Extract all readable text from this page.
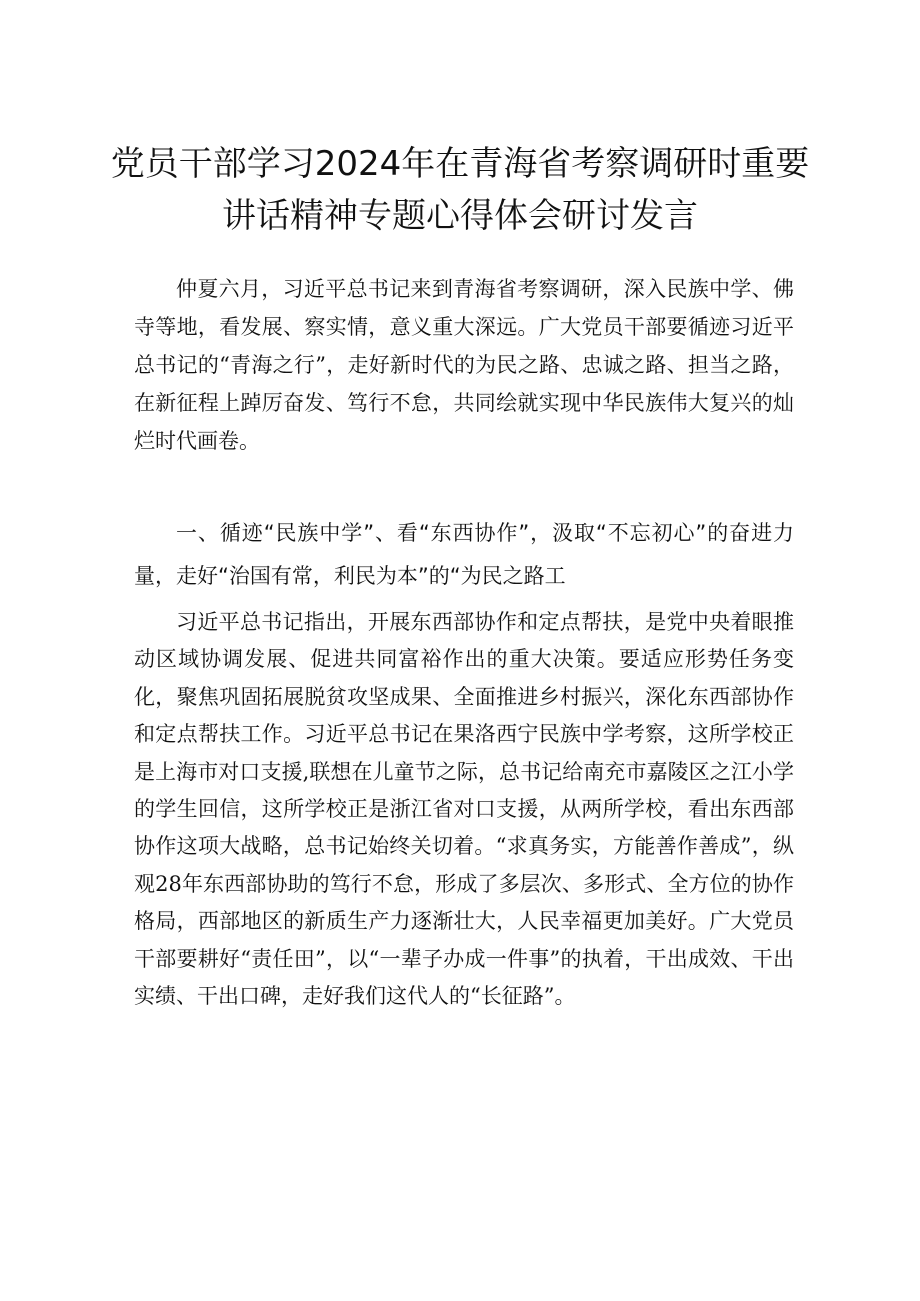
党员干部学习2024年在青海省考察调研时重要
讲话精神专题心得体会研讨发言

仲夏六月，习近平总书记来到青海省考察调研，深入民族中学、佛寺等地，看发展、察实情，意义重大深远。广大党员干部要循迹习近平总书记的“青海之行”，走好新时代的为民之路、忠诚之路、担当之路，在新征程上踔厉奋发、笃行不怠，共同绘就实现中华民族伟大复兴的灿烂时代画卷。

一、循迹“民族中学”、看“东西协作”，汲取“不忘初心”的奋进力量，走好“治国有常，利民为本”的“为民之路工

习近平总书记指出，开展东西部协作和定点帮扶，是党中央着眼推动区域协调发展、促进共同富裕作出的重大决策。要适应形势任务变化，聚焦巩固拓展脱贫攻坚成果、全面推进乡村振兴，深化东西部协作和定点帮扶工作。习近平总书记在果洛西宁民族中学考察，这所学校正是上海市对口支援,联想在儿童节之际，总书记给南充市嘉陵区之江小学的学生回信，这所学校正是浙江省对口支援，从两所学校，看出东西部协作这项大战略，总书记始终关切着。“求真务实，方能善作善成”，纵观28年东西部协助的笃行不怠，形成了多层次、多形式、全方位的协作格局，西部地区的新质生产力逐渐壮大，人民幸福更加美好。广大党员干部要耕好“责任田”，以“一辈子办成一件事”的执着，干出成效、干出实绩、干出口碑，走好我们这代人的“长征路”。
